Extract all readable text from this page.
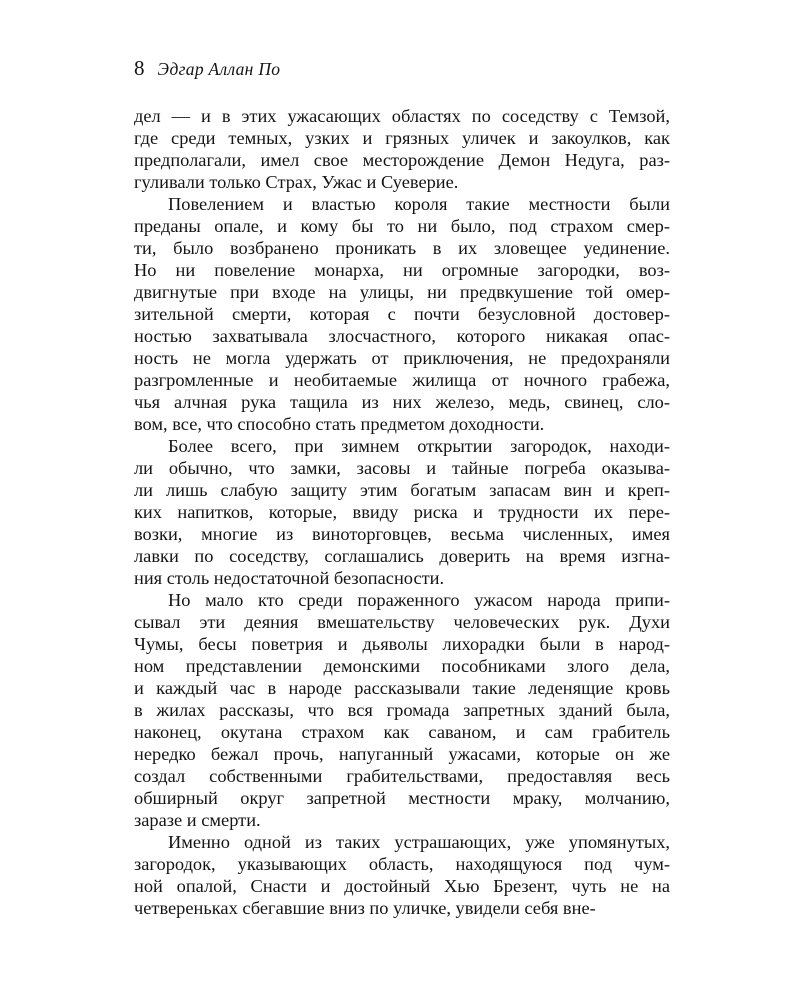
8 Эдгар Аллан По
дел — и в этих ужасающих областях по соседству с Темзой,
где среди темных, узких и грязных уличек и закоулков, как
предполагали, имел свое месторождение Демон Недуга, раз-
гуливали только Страх, Ужас и Суеверие.
Повелением и властью короля такие местности были
преданы опале, и кому бы то ни было, под страхом смер-
ти, было возбранено проникать в их зловещее уединение.
Но ни повеление монарха, ни огромные загородки, воз-
двигнутые при входе на улицы, ни предвкушение той омер-
зительной смерти, которая с почти безусловной достовер-
ностью захватывала злосчастного, которого никакая опас-
ность не могла удержать от приключения, не предохраняли
разгромленные и необитаемые жилища от ночного грабежа,
чья алчная рука тащила из них железо, медь, свинец, сло-
вом, все, что способно стать предметом доходности.
Более всего, при зимнем открытии загородок, находи-
ли обычно, что замки, засовы и тайные погреба оказыва-
ли лишь слабую защиту этим богатым запасам вин и креп-
ких напитков, которые, ввиду риска и трудности их пере-
возки, многие из виноторговцев, весьма численных, имея
лавки по соседству, соглашались доверить на время изгна-
ния столь недостаточной безопасности.
Но мало кто среди пораженного ужасом народа припи-
сывал эти деяния вмешательству человеческих рук. Духи
Чумы, бесы поветрия и дьяволы лихорадки были в народ-
ном представлении демонскими пособниками злого дела,
и каждый час в народе рассказывали такие леденящие кровь
в жилах рассказы, что вся громада запретных зданий была,
наконец, окутана страхом как саваном, и сам грабитель
нередко бежал прочь, напуганный ужасами, которые он же
создал собственными грабительствами, предоставляя весь
обширный округ запретной местности мраку, молчанию,
заразе и смерти.
Именно одной из таких устрашающих, уже упомянутых,
загородок, указывающих область, находящуюся под чум-
ной опалой, Снасти и достойный Хью Брезент, чуть не на
четвереньках сбегавшие вниз по уличке, увидели себя вне-
